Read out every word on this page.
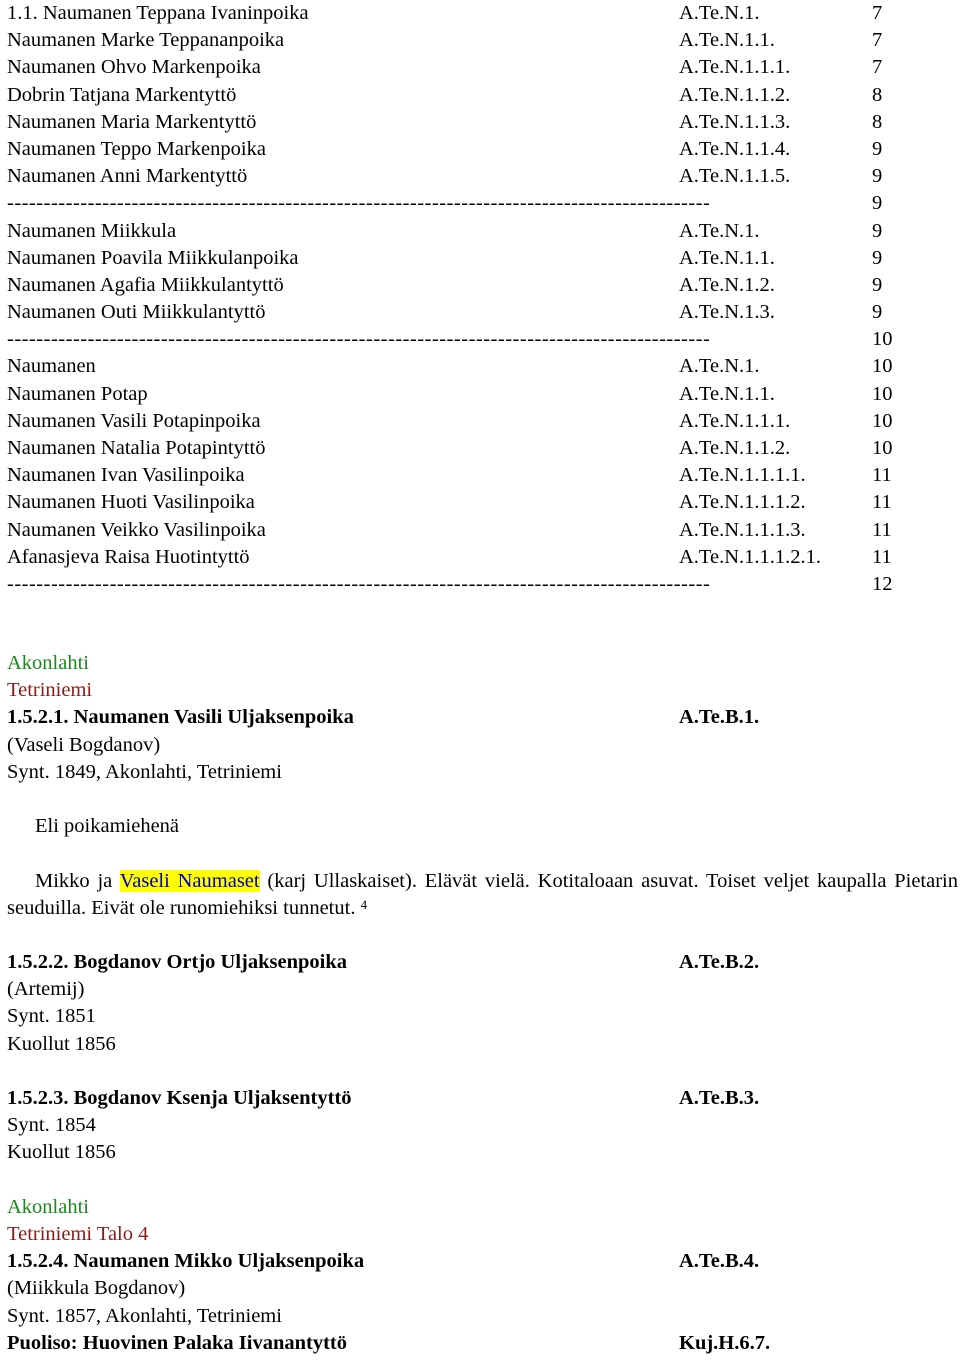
1.1. Naumanen Teppana Ivaninpoika	A.Te.N.1.	7
Naumanen Marke Teppananpoika	A.Te.N.1.1.	7
Naumanen Ohvo Markenpoika	A.Te.N.1.1.1.	7
Dobrin Tatjana Markentyttö	A.Te.N.1.1.2.	8
Naumanen Maria Markentyttö	A.Te.N.1.1.3.	8
Naumanen Teppo Markenpoika	A.Te.N.1.1.4.	9
Naumanen Anni Markentyttö	A.Te.N.1.1.5.	9
------------------------------------------------------------------------------------------------	9
Naumanen Miikkula	A.Te.N.1.	9
Naumanen Poavila Miikkulanpoika	A.Te.N.1.1.	9
Naumanen Agafia Miikkulantyttö	A.Te.N.1.2.	9
Naumanen Outi Miikkulantyttö	A.Te.N.1.3.	9
------------------------------------------------------------------------------------------------	10
Naumanen	A.Te.N.1.	10
Naumanen Potap	A.Te.N.1.1.	10
Naumanen Vasili Potapinpoika	A.Te.N.1.1.1.	10
Naumanen Natalia Potapintyttö	A.Te.N.1.1.2.	10
Naumanen Ivan Vasilinpoika	A.Te.N.1.1.1.1.	11
Naumanen Huoti Vasilinpoika	A.Te.N.1.1.1.2.	11
Naumanen Veikko Vasilinpoika	A.Te.N.1.1.1.3.	11
Afanasjeva Raisa Huotintyttö	A.Te.N.1.1.1.2.1. 11
------------------------------------------------------------------------------------------------	12
Akonlahti
Tetriniemi
1.5.2.1. Naumanen Vasili Uljaksenpoika	A.Te.B.1.
(Vaseli Bogdanov)
Synt. 1849, Akonlahti, Tetriniemi
Eli poikamiehenä
Mikko ja Vaseli Naumaset (karj Ullaskaiset). Elävät vielä. Kotitaloaan asuvat. Toiset veljet kaupalla Pietarin seuduilla. Eivät ole runomiehiksi tunnetut. $^4$
1.5.2.2. Bogdanov Ortjo Uljaksenpoika	A.Te.B.2.
(Artemij)
Synt. 1851
Kuollut 1856
1.5.2.3. Bogdanov Ksenja Uljaksentyttö	A.Te.B.3.
Synt. 1854
Kuollut 1856
Akonlahti
Tetriniemi Talo 4
1.5.2.4. Naumanen Mikko Uljaksenpoika	A.Te.B.4.
(Miikkula Bogdanov)
Synt. 1857, Akonlahti, Tetriniemi
Puoliso: Huovinen Palaka Iivanantyttö	Kuj.H.6.7.
